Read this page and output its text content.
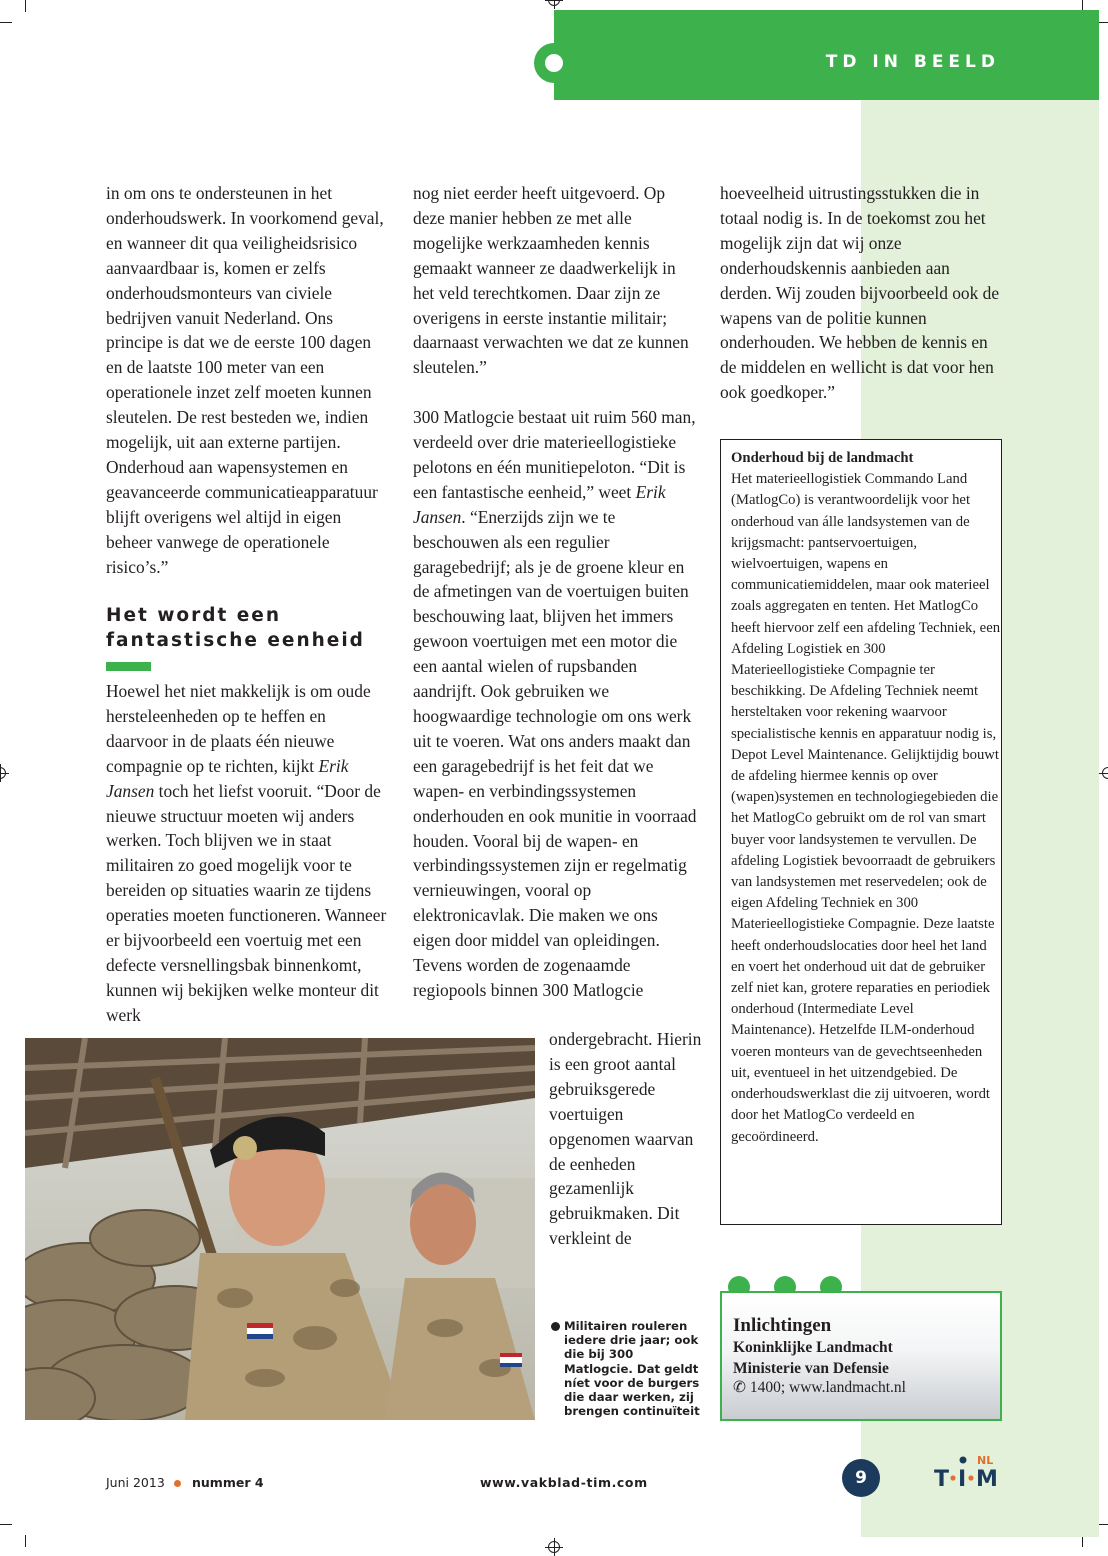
TD IN BEELD

in om ons te ondersteunen in het onderhoudswerk. In voorkomend geval, en wanneer dit qua veiligheidsrisico aanvaardbaar is, komen er zelfs onderhoudsmonteurs van civiele bedrijven vanuit Nederland. Ons principe is dat we de eerste 100 dagen en de laatste 100 meter van een operationele inzet zelf moeten kunnen sleutelen. De rest besteden we, indien mogelijk, uit aan externe partijen. Onderhoud aan wapensystemen en geavanceerde communicatieapparatuur blijft overigens wel altijd in eigen beheer vanwege de operationele risico’s.”

Het wordt een fantastische eenheid

Hoewel het niet makkelijk is om oude hersteleenheden op te heffen en daarvoor in de plaats één nieuwe compagnie op te richten, kijkt Erik Jansen toch het liefst vooruit. “Door de nieuwe structuur moeten wij anders werken. Toch blijven we in staat militairen zo goed mogelijk voor te bereiden op situaties waarin ze tijdens operaties moeten functioneren. Wanneer er bijvoorbeeld een voertuig met een defecte versnellingsbak binnenkomt, kunnen wij bekijken welke monteur dit werk

nog niet eerder heeft uitgevoerd. Op deze manier hebben ze met alle mogelijke werkzaamheden kennis gemaakt wanneer ze daadwerkelijk in het veld terechtkomen. Daar zijn ze overigens in eerste instantie militair; daarnaast verwachten we dat ze kunnen sleutelen.”

300 Matlogcie bestaat uit ruim 560 man, verdeeld over drie materieellogistieke pelotons en één munitiepeloton. “Dit is een fantastische eenheid,” weet Erik Jansen. “Enerzijds zijn we te beschouwen als een regulier garagebedrijf; als je de groene kleur en de afmetingen van de voertuigen buiten beschouwing laat, blijven het immers gewoon voertuigen met een motor die een aantal wielen of rupsbanden aandrijft. Ook gebruiken we hoogwaardige technologie om ons werk uit te voeren. Wat ons anders maakt dan een garagebedrijf is het feit dat we wapen- en verbindingssystemen onderhouden en ook munitie in voorraad houden. Vooral bij de wapen- en verbindingssystemen zijn er regelmatig vernieuwingen, vooral op elektronicavlak. Die maken we ons eigen door middel van opleidingen. Tevens worden de zogenaamde regiopools binnen 300 Matlogcie

ondergebracht. Hierin is een groot aantal gebruiksgerede voertuigen opgenomen waarvan de eenheden gezamenlijk gebruikmaken. Dit verkleint de

hoeveelheid uitrustingsstukken die in totaal nodig is. In de toekomst zou het mogelijk zijn dat wij onze onderhoudskennis aanbieden aan derden. Wij zouden bijvoorbeeld ook de wapens van de politie kunnen onderhouden. We hebben de kennis en de middelen en wellicht is dat voor hen ook goedkoper.”

Onderhoud bij de landmacht
Het materieellogistiek Commando Land (MatlogCo) is verantwoordelijk voor het onderhoud van álle landsystemen van de krijgsmacht: pantservoertuigen, wielvoertuigen, wapens en communicatiemiddelen, maar ook materieel zoals aggregaten en tenten. Het MatlogCo heeft hiervoor zelf een afdeling Techniek, een Afdeling Logistiek en 300 Materieellogistieke Compagnie ter beschikking. De Afdeling Techniek neemt hersteltaken voor rekening waarvoor specialistische kennis en apparatuur nodig is, Depot Level Maintenance. Gelijktijdig bouwt de afdeling hiermee kennis op over (wapen)systemen en technologiegebieden die het MatlogCo gebruikt om de rol van smart buyer voor landsystemen te vervullen. De afdeling Logistiek bevoorraadt de gebruikers van landsystemen met reservedelen; ook de eigen Afdeling Techniek en 300 Materieellogistieke Compagnie. Deze laatste heeft onderhoudslocaties door heel het land en voert het onderhoud uit dat de gebruiker zelf niet kan, grotere reparaties en periodiek onderhoud (Intermediate Level Maintenance). Hetzelfde ILM-onderhoud voeren monteurs van de gevechtseenheden uit, eventueel in het uitzendgebied. De onderhoudswerklast die zij uitvoeren, wordt door het MatlogCo verdeeld en gecoördineerd.
Militairen rouleren iedere drie jaar; ook die bij 300 Matlogcie. Dat geldt níet voor de burgers die daar werken, zij brengen continuïteit
Inlichtingen
Koninklijke Landmacht
Ministerie van Defensie
✆ 1400; www.landmacht.nl
Juni 2013 nummer 4	www.vakblad-tim.com	9
NL
T I M
